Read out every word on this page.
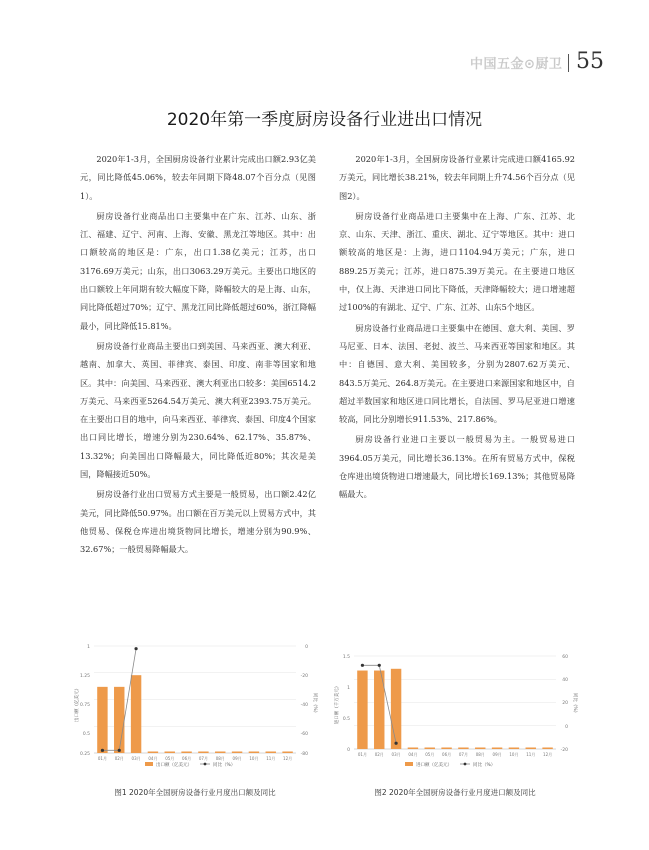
中国五金⊙厨卫 55
2020年第一季度厨房设备行业进出口情况

2020年1-3月，全国厨房设备行业累计完成出口额2.93亿美元，同比降低45.06%，较去年同期下降48.07个百分点（见图1）。

厨房设备行业商品出口主要集中在广东、江苏、山东、浙江、福建、辽宁、河南、上海、安徽、黑龙江等地区。其中：出口额较高的地区是：广东，出口1.38亿美元；江苏，出口3176.69万美元；山东，出口3063.29万美元。主要出口地区的出口额较上年同期有较大幅度下降，降幅较大的是上海、山东，同比降低超过70%；辽宁、黑龙江同比降低超过60%，浙江降幅最小，同比降低15.81%。

厨房设备行业商品主要出口到美国、马来西亚、澳大利亚、越南、加拿大、英国、菲律宾、泰国、印度、南非等国家和地区。其中：向美国、马来西亚、澳大利亚出口较多：美国6514.2万美元、马来西亚5264.54万美元、澳大利亚2393.75万美元。在主要出口目的地中，向马来西亚、菲律宾、泰国、印度4个国家出口同比增长，增速分别为230.64%、62.17%、35.87%、13.32%；向美国出口降幅最大，同比降低近80%；其次是美国，降幅接近50%。

厨房设备行业出口贸易方式主要是一般贸易，出口额2.42亿美元，同比降低50.97%。出口额在百万美元以上贸易方式中，其他贸易、保税仓库进出境货物同比增长，增速分别为90.9%、32.67%；一般贸易降幅最大。

2020年1-3月，全国厨房设备行业累计完成进口额4165.92万美元，同比增长38.21%，较去年同期上升74.56个百分点（见图2）。

厨房设备行业商品进口主要集中在上海、广东、江苏、北京、山东、天津、浙江、重庆、湖北、辽宁等地区。其中：进口额较高的地区是：上海，进口1104.94万美元；广东，进口889.25万美元；江苏，进口875.39万美元。在主要进口地区中，仅上海、天津进口同比下降低，天津降幅较大；进口增速超过100%的有湖北、辽宁、广东、江苏、山东5个地区。

厨房设备行业商品进口主要集中在德国、意大利、美国、罗马尼亚、日本、法国、老挝、波兰、马来西亚等国家和地区。其中：自德国、意大利、美国较多，分别为2807.62万美元、843.5万美元、264.8万美元。在主要进口来源国家和地区中，自超过半数国家和地区进口同比增长，自法国、罗马尼亚进口增速较高，同比分别增长911.53%、217.86%。

厨房设备行业进口主要以一般贸易为主。一般贸易进口3964.05万美元，同比增长36.13%。在所有贸易方式中，保税仓库进出境货物进口增速最大，同比增长169.13%；其他贸易降幅最大。

出口额（亿美元）	同比（%）
1
1.25
0.75
0.5
0.25
0
-20
-40
-60
-80
01月 02月 03月 04月 05月 06月 07月 08月 09月 10月 11月 12月
出口额（亿美元）	同比（%）
进口额（千万美元）	同比（%）
1.5
1
0.5
0
60
40
20
0
-20
01月 02月 03月 04月 05月 06月 07月 08月 09月 10月 11月 12月
进口额（亿美元）	同比（%）
图1 2020年全国厨房设备行业月度出口额及同比	图2 2020年全国厨房设备行业月度进口额及同比
